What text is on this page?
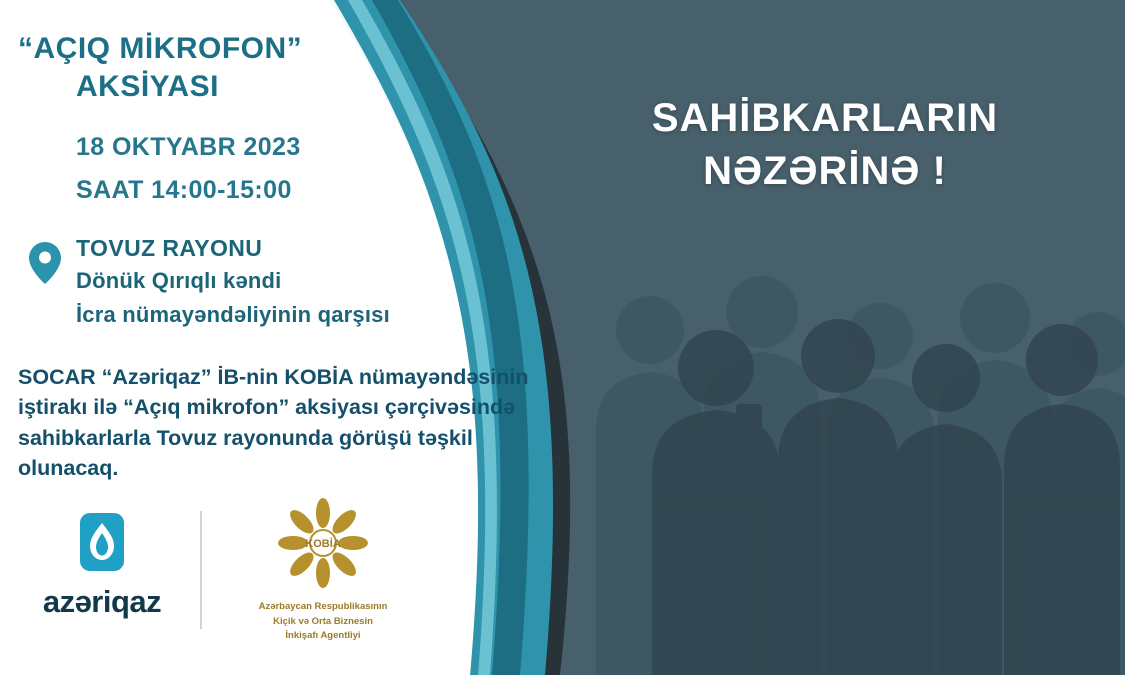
“AÇIQ MİKROFON”
AKSİYASI
18 OKTYABR 2023
SAAT 14:00-15:00
TOVUZ RAYONU
Dönük Qırıqlı kəndi
İcra nümayəndəliyinin qarşısı
SOCAR “Azəriqaz” İB-nin KOBİA nümayəndəsinin iştirakı ilə “Açıq mikrofon” aksiyası çərçivəsində sahibkarlarla Tovuz rayonunda görüşü təşkil olunacaq.
azəriqaz
KOBİA
Azərbaycan Respublikasının
Kiçik və Orta Biznesin
İnkişafı Agentliyi
SAHİBKARLARIN
NƏZƏRİNƏ !
